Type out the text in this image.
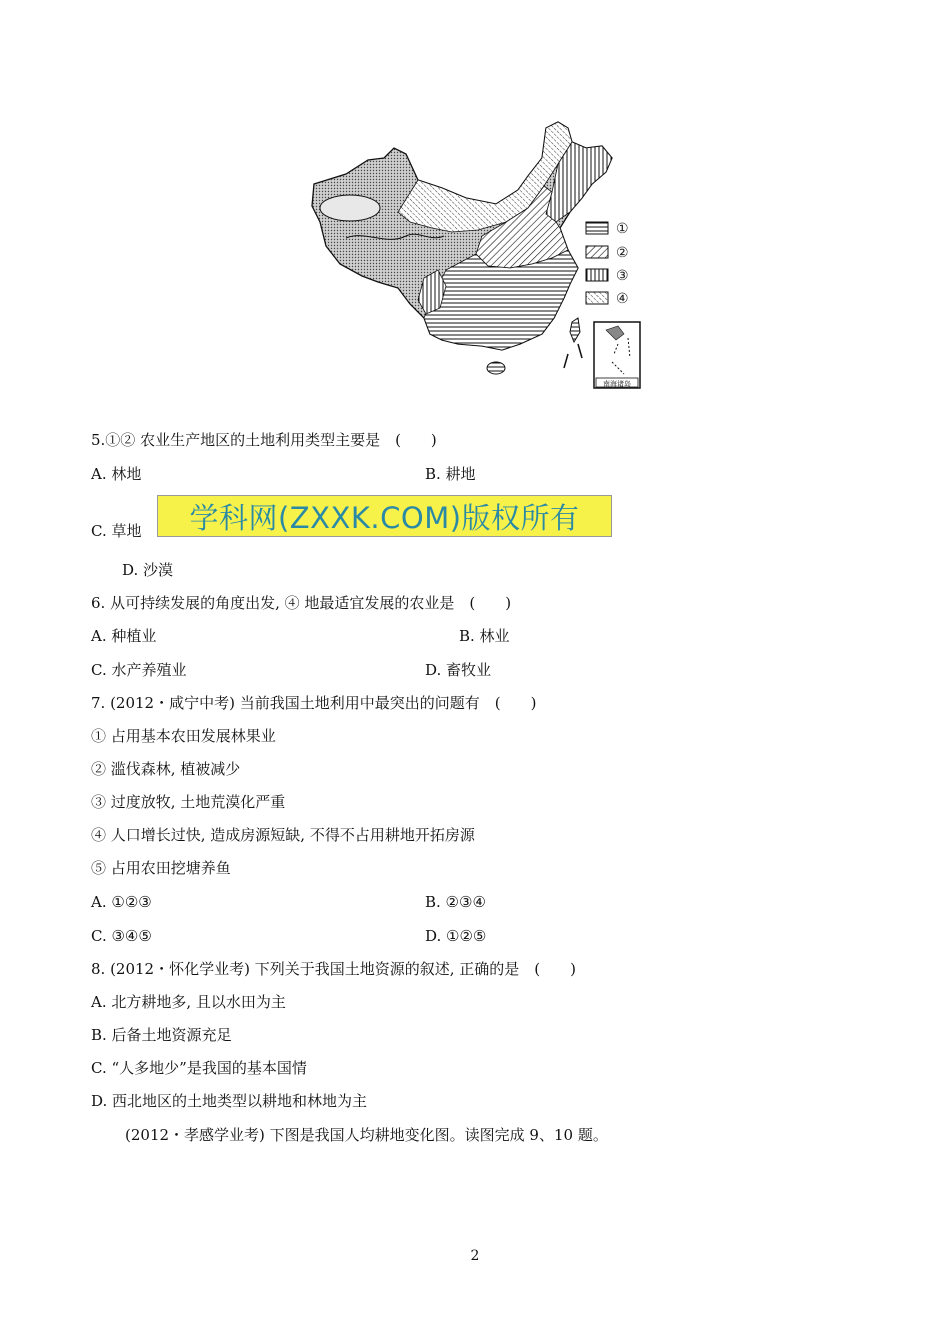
①
②
③
④
南海诸岛
5.①② 农业生产地区的土地利用类型主要是　(　　)
A. 林地	B. 耕地
C. 草地 学科网(ZXXK.COM)版权所有
D. 沙漠
6. 从可持续发展的角度出发, ④ 地最适宜发展的农业是　(　　)
A. 种植业	B. 林业
C. 水产养殖业	D. 畜牧业
7. (2012・咸宁中考) 当前我国土地利用中最突出的问题有　(　　)
① 占用基本农田发展林果业
② 滥伐森林, 植被减少
③ 过度放牧, 土地荒漠化严重
④ 人口增长过快, 造成房源短缺, 不得不占用耕地开拓房源
⑤ 占用农田挖塘养鱼
A. ①②③	B. ②③④
C. ③④⑤	D. ①②⑤
8. (2012・怀化学业考) 下列关于我国土地资源的叙述, 正确的是　(　　)
A. 北方耕地多, 且以水田为主
B. 后备土地资源充足
C. “人多地少”是我国的基本国情
D. 西北地区的土地类型以耕地和林地为主
(2012・孝感学业考) 下图是我国人均耕地变化图。读图完成 9、10 题。
2
